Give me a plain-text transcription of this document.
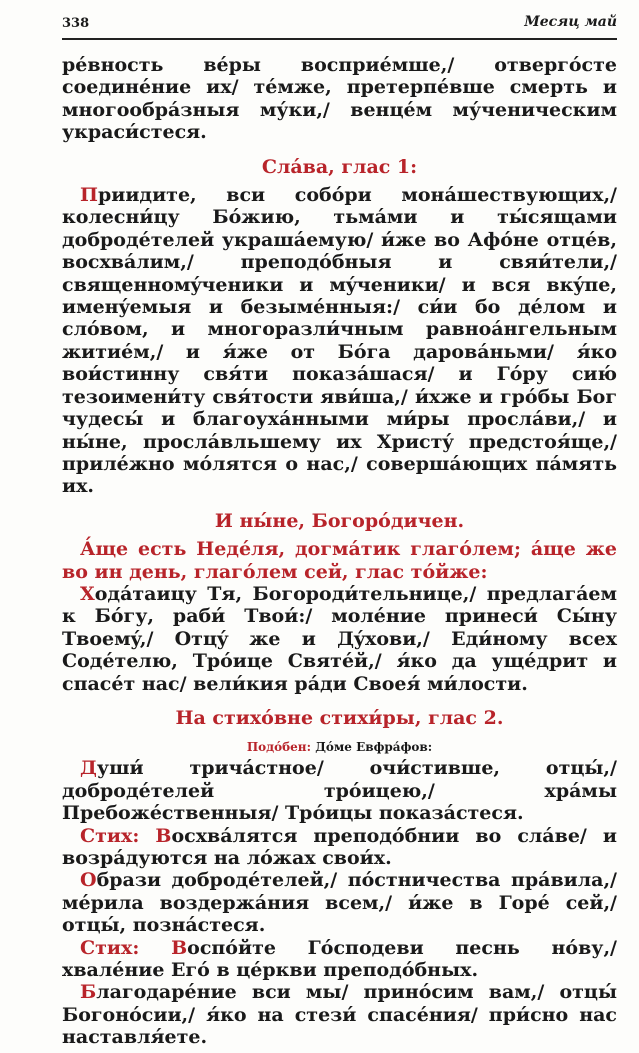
338	Месяц май

ре́вность ве́ры восприе́мше,/ отвергóсте соедине́ние их/ те́мже, претерпе́вше смерть и многообра́зныя му́ки,/ венце́м му́ченическим украси́стеся.

Сла́ва, глас 1:

Приидите, вси собóри мона́шествующих,/ колесни́цу Бóжию, тьма́ми и ты́сящами добродéтелей украша́емую/ и́же во Афóне отцéв, восхва́лим,/ преподóбныя и свяи́тели,/ священномýченики и мýченики/ и вся вкýпе, именýемыя и безымéнныя:/ си́и бо дéлом и слóвом, и многоразли́чным равноа́нгельным житиéм,/ и я́же от Бóга дарова́ньми/ я́ко вои́стинну свя́ти показа́шася/ и Гóру сию́ тезоимени́ту свя́тости яви́ша,/ и́хже и грóбы Бог чудесы́ и благоуха́нными ми́ры просла́ви,/ и ны́не, просла́вльшему их Христý предстоя́ще,/ приле́жно мóлятся о нас,/ соверша́ющих па́мять их.

И ны́не, Богорóдичен.

А́ще есть Неде́ля, догма́тик глагóлем; а́ще же во ин день, глагóлем сей, глас тóйже:

Хода́таицу Тя, Богороди́тельнице,/ предлага́ем к Бóгу, раби́ Твои́:/ молéние принеси́ Сы́ну Твоемý,/ Отцý же и Дýхови,/ Еди́ному всех Содéтелю, Трóице Святéй,/ я́ко да ущéдрит и спасéт нас/ вели́кия ра́ди Своея́ ми́лости.

На стихóвне стихи́ры, глас 2.
Подóбен: Дóме Евфра́фов:

Души́ трича́стное/ очи́стивше, отцы́,/ добродéтелей трóицею,/ хра́мы Пребожéственныя/ Трóицы показа́стеся.

Стих: Восхва́лятся преподóбнии во сла́ве/ и возра́дуются на лóжах свои́х.

Образи добродéтелей,/ пóстничества пра́вила,/ ме́рила воздержа́ния всем,/ и́же в Горé сей,/ отцы́, позна́стеся.

Стих: Воспóйте Гóсподеви песнь нóву,/ хвалéние Егó в цéркви преподóбных.

Благодарéние вси мы/ прино́сим вам,/ отцы́ Богонóсии,/ я́ко на стези́ спасéния/ при́сно нас наставля́ете.
